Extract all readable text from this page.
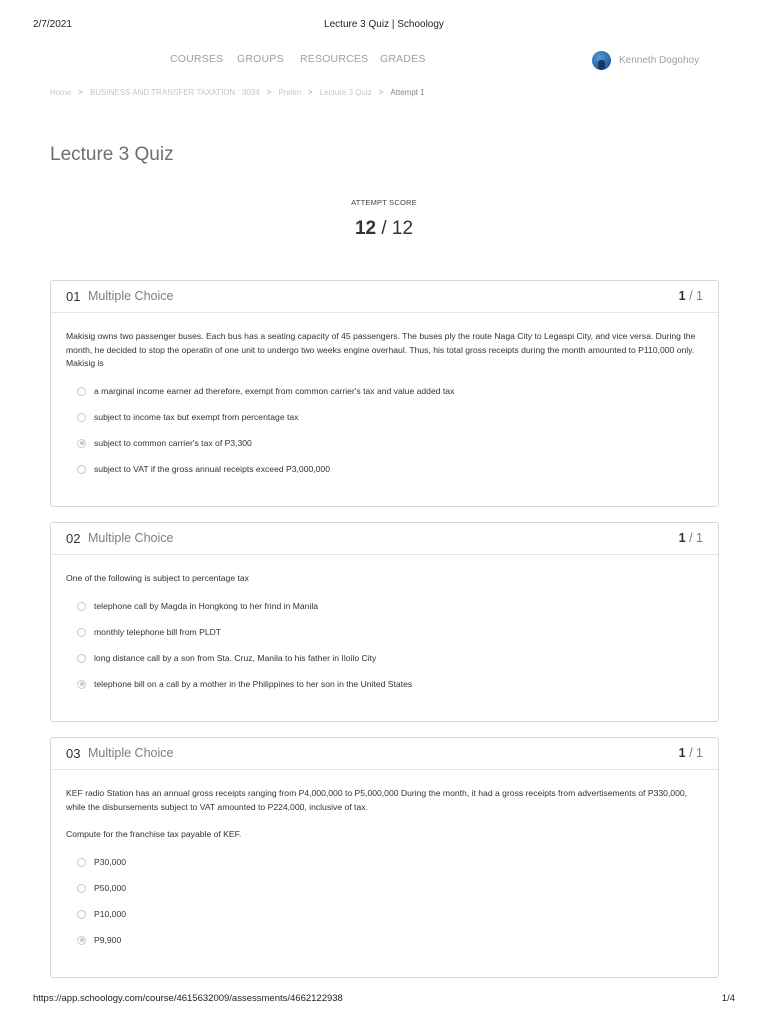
2/7/2021	Lecture 3 Quiz | Schoology
COURSES GROUPS RESOURCES GRADES	Kenneth Dogohoy
Home > BUSINESS AND TRANSFER TAXATION : 3034 > Prelim > Lecture 3 Quiz > Attempt 1
Lecture 3 Quiz
ATTEMPT SCORE
12 / 12
01 Multiple Choice	1 / 1
Makisig owns two passenger buses. Each bus has a seating capacity of 45 passengers. The buses ply the route Naga City to Legaspi City, and vice versa. During the month, he decided to stop the operatin of one unit to undergo two weeks engine overhaul. Thus, his total gross receipts during the month amounted to P110,000 only. Makisig is
a marginal income earner ad therefore, exempt from common carrier's tax and value added tax
subject to income tax but exempt from percentage tax
subject to common carrier's tax of P3,300
subject to VAT if the gross annual receipts exceed P3,000,000
02 Multiple Choice	1 / 1
One of the following is subject to percentage tax
telephone call by Magda in Hongkong to her frind in Manila
monthly telephone bill from PLDT
long distance call by a son from Sta. Cruz, Manila to his father in Iloilo City
telephone bill on a call by a mother in the Philippines to her son in the United States
03 Multiple Choice	1 / 1
KEF radio Station has an annual gross receipts ranging from P4,000,000 to P5,000,000 During the month, it had a gross receipts from advertisements of P330,000, while the disbursements subject to VAT amounted to P224,000, inclusive of tax.
Compute for the franchise tax payable of KEF.
P30,000
P50,000
P10,000
P9,900
https://app.schoology.com/course/4615632009/assessments/4662122938	1/4
